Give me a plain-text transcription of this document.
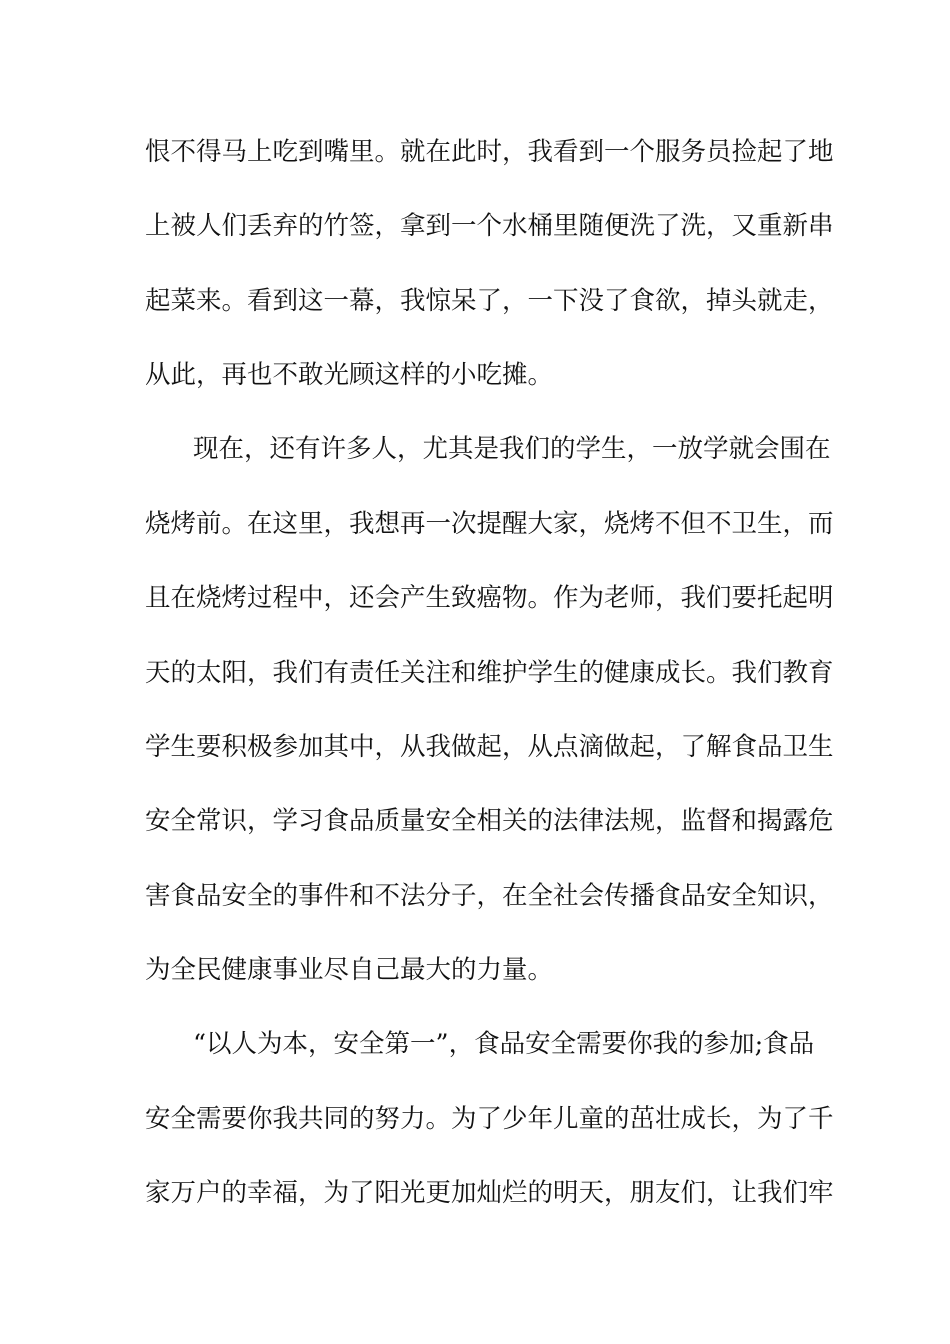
恨不得马上吃到嘴里。就在此时，我看到一个服务员捡起了地
上被人们丢弃的竹签，拿到一个水桶里随便洗了洗，又重新串
起菜来。看到这一幕，我惊呆了，一下没了食欲，掉头就走，
从此，再也不敢光顾这样的小吃摊。
现在，还有许多人，尤其是我们的学生，一放学就会围在
烧烤前。在这里，我想再一次提醒大家，烧烤不但不卫生，而
且在烧烤过程中，还会产生致癌物。作为老师，我们要托起明
天的太阳，我们有责任关注和维护学生的健康成长。我们教育
学生要积极参加其中，从我做起，从点滴做起，了解食品卫生
安全常识，学习食品质量安全相关的法律法规，监督和揭露危
害食品安全的事件和不法分子，在全社会传播食品安全知识，
为全民健康事业尽自己最大的力量。
“以人为本，安全第一”，食品安全需要你我的参加;食品
安全需要你我共同的努力。为了少年儿童的茁壮成长，为了千
家万户的幸福，为了阳光更加灿烂的明天，朋友们，让我们牢
